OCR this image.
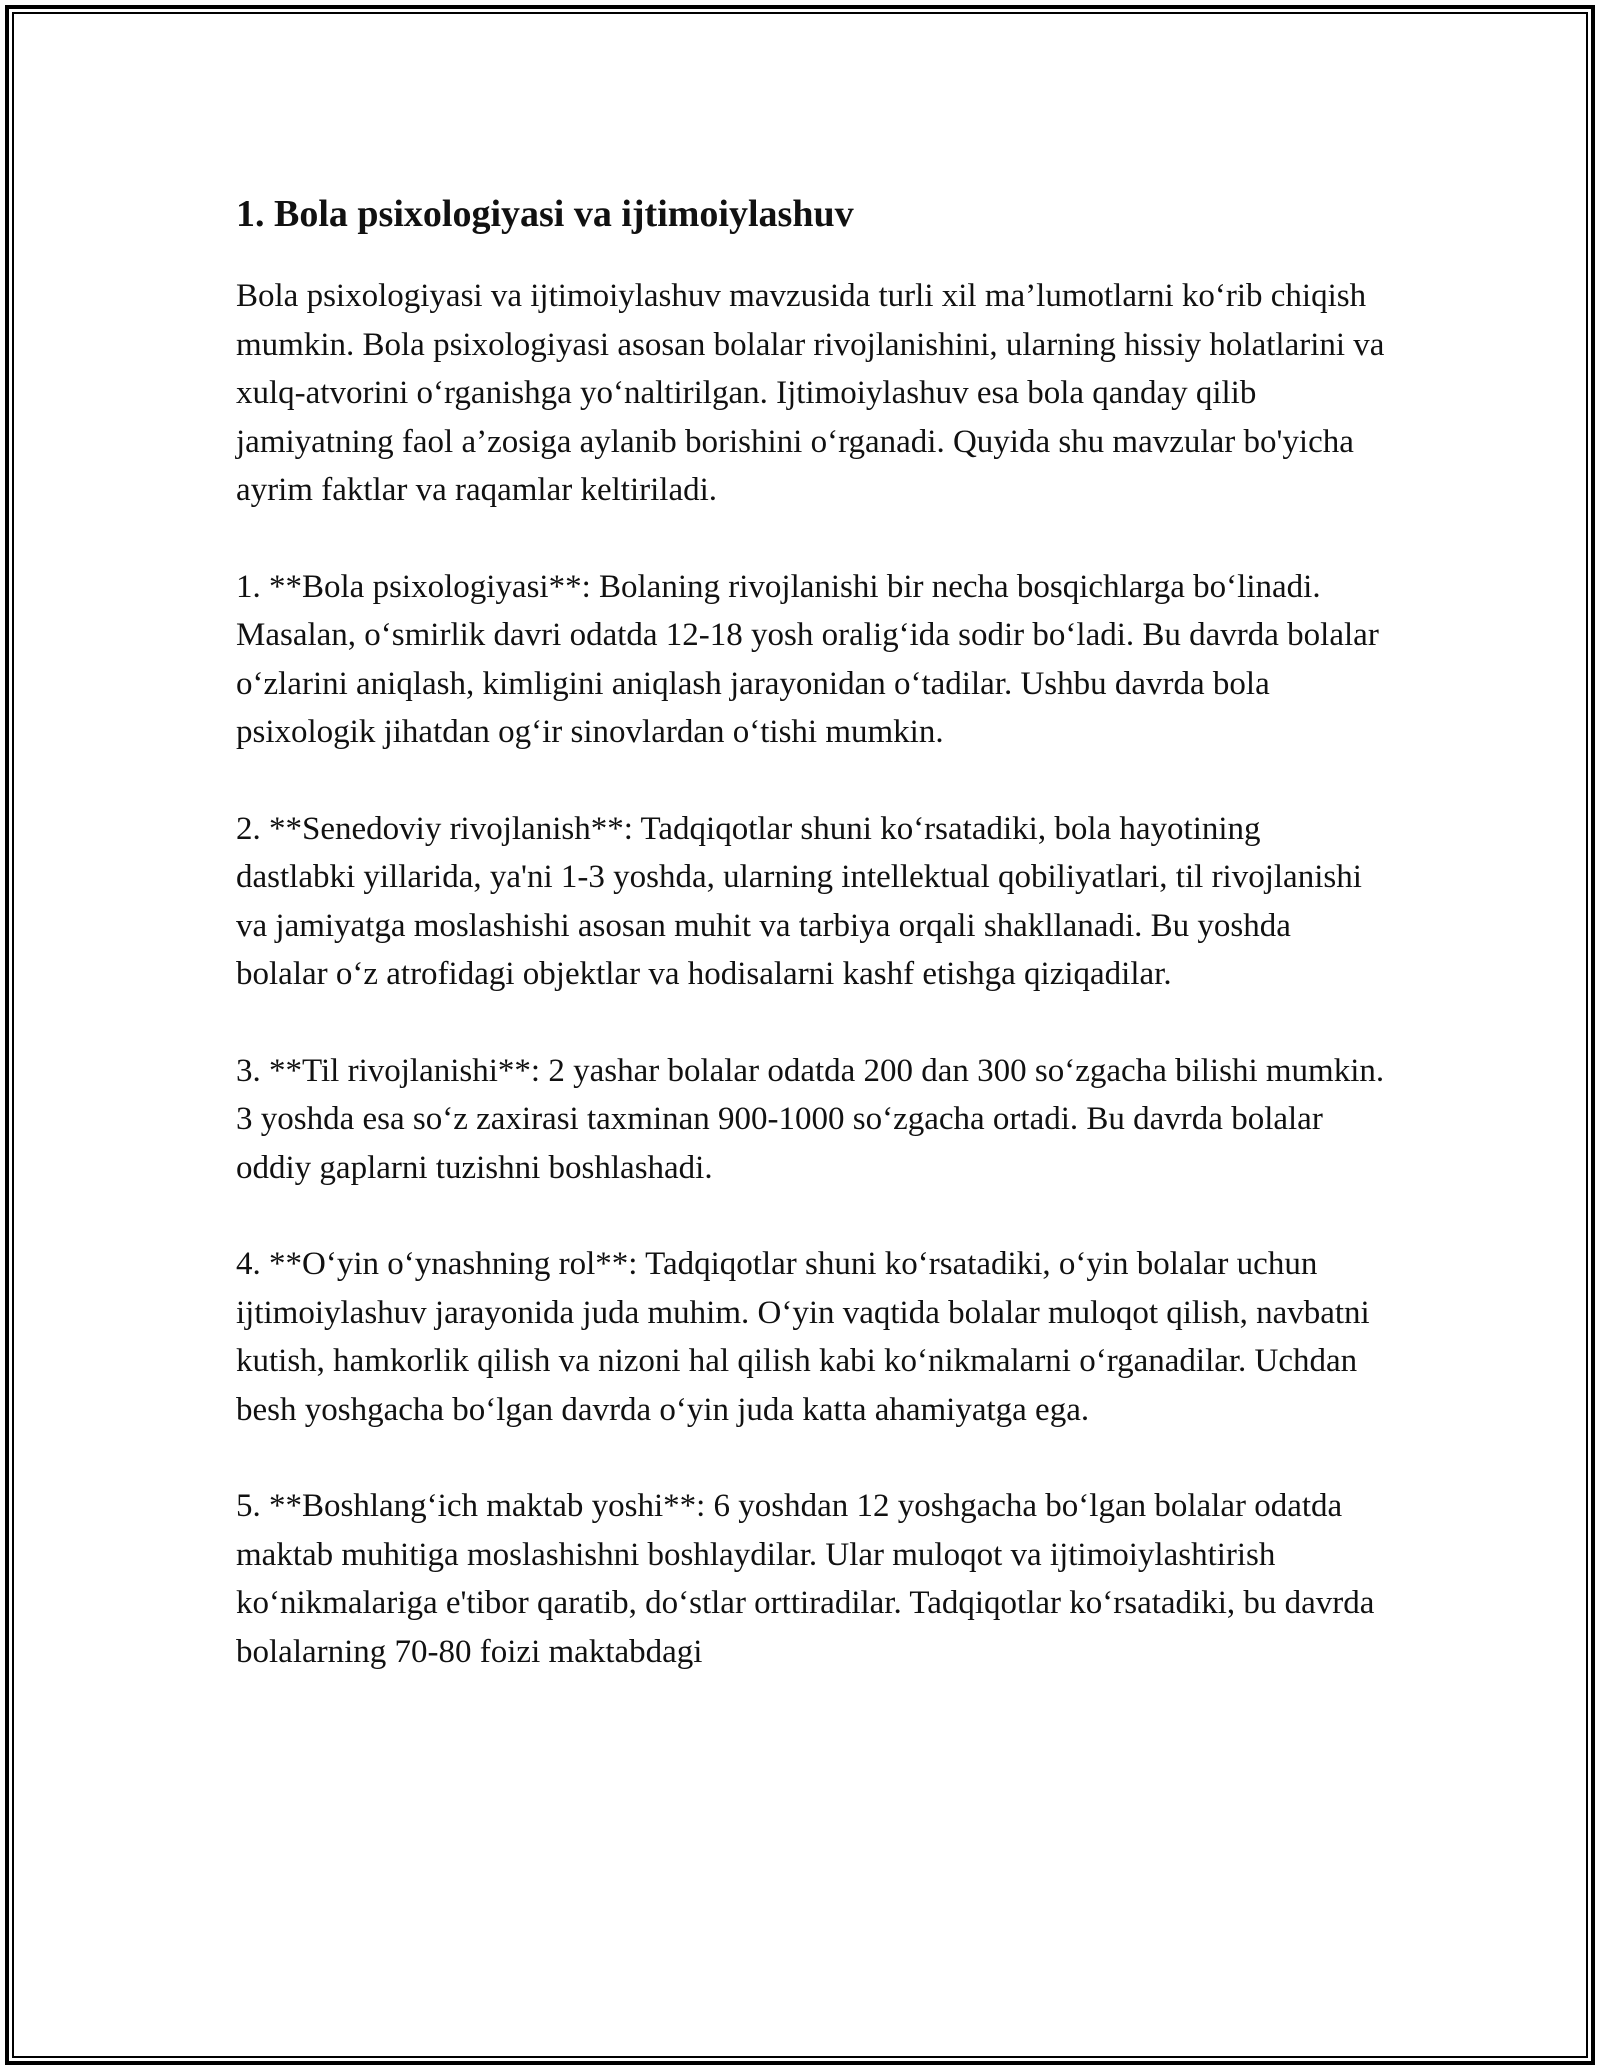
1. Bola psixologiyasi va ijtimoiylashuv

Bola psixologiyasi va ijtimoiylashuv mavzusida turli xil ma’lumotlarni ko‘rib chiqish mumkin. Bola psixologiyasi asosan bolalar rivojlanishini, ularning hissiy holatlarini va xulq-atvorini o‘rganishga yo‘naltirilgan. Ijtimoiylashuv esa bola qanday qilib jamiyatning faol a’zosiga aylanib borishini o‘rganadi. Quyida shu mavzular bo'yicha ayrim faktlar va raqamlar keltiriladi.

1. **Bola psixologiyasi**: Bolaning rivojlanishi bir necha bosqichlarga bo‘linadi. Masalan, o‘smirlik davri odatda 12-18 yosh oralig‘ida sodir bo‘ladi. Bu davrda bolalar o‘zlarini aniqlash, kimligini aniqlash jarayonidan o‘tadilar. Ushbu davrda bola psixologik jihatdan og‘ir sinovlardan o‘tishi mumkin.

2. **Senedoviy rivojlanish**: Tadqiqotlar shuni ko‘rsatadiki, bola hayotining dastlabki yillarida, ya'ni 1-3 yoshda, ularning intellektual qobiliyatlari, til rivojlanishi va jamiyatga moslashishi asosan muhit va tarbiya orqali shakllanadi. Bu yoshda bolalar o‘z atrofidagi objektlar va hodisalarni kashf etishga qiziqadilar.

3. **Til rivojlanishi**: 2 yashar bolalar odatda 200 dan 300 so‘zgacha bilishi mumkin. 3 yoshda esa so‘z zaxirasi taxminan 900-1000 so‘zgacha ortadi. Bu davrda bolalar oddiy gaplarni tuzishni boshlashadi.

4. **O‘yin o‘ynashning rol**: Tadqiqotlar shuni ko‘rsatadiki, o‘yin bolalar uchun ijtimoiylashuv jarayonida juda muhim. O‘yin vaqtida bolalar muloqot qilish, navbatni kutish, hamkorlik qilish va nizoni hal qilish kabi ko‘nikmalarni o‘rganadilar. Uchdan besh yoshgacha bo‘lgan davrda o‘yin juda katta ahamiyatga ega.

5. **Boshlang‘ich maktab yoshi**: 6 yoshdan 12 yoshgacha bo‘lgan bolalar odatda maktab muhitiga moslashishni boshlaydilar. Ular muloqot va ijtimoiylashtirish ko‘nikmalariga e'tibor qaratib, do‘stlar orttiradilar. Tadqiqotlar ko‘rsatadiki, bu davrda bolalarning 70-80 foizi maktabdagi
